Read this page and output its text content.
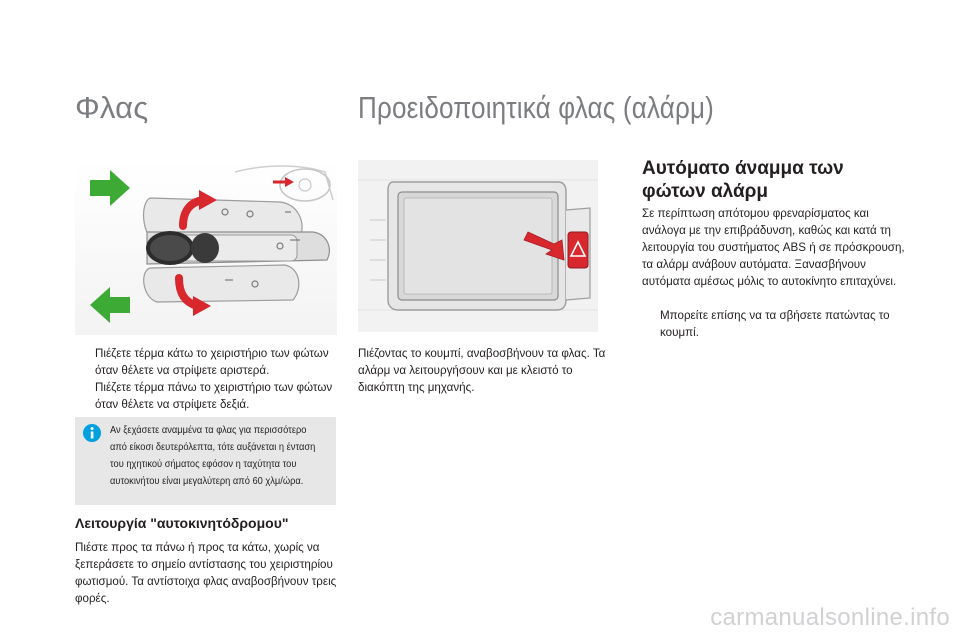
Φλας	Προειδοποιητικά φλας (αλάρμ)
Πιέζετε τέρμα κάτω το χειριστήριο των φώτων όταν θέλετε να στρίψετε αριστερά.
Πιέζετε τέρμα πάνω το χειριστήριο των φώτων όταν θέλετε να στρίψετε δεξιά.
Αν ξεχάσετε αναμμένα τα φλας για περισσότερο από είκοσι δευτερόλεπτα, τότε αυξάνεται η ένταση του ηχητικού σήματος εφόσον η ταχύτητα του αυτοκινήτου είναι μεγαλύτερη από 60 χλμ/ώρα.
Λειτουργία "αυτοκινητόδρομου"
Πιέστε προς τα πάνω ή προς τα κάτω, χωρίς να ξεπεράσετε το σημείο αντίστασης του χειριστηρίου φωτισμού. Τα αντίστοιχα φλας αναβοσβήνουν τρεις φορές.
Πιέζοντας το κουμπί, αναβοσβήνουν τα φλας. Τα αλάρμ να λειτουργήσουν και με κλειστό το διακόπτη της μηχανής.
Αυτόματο άναμμα των φώτων αλάρμ
Σε περίπτωση απότομου φρεναρίσματος και ανάλογα με την επιβράδυνση, καθώς και κατά τη λειτουργία του συστήματος ABS ή σε πρόσκρουση, τα αλάρμ ανάβουν αυτόματα. Ξανασβήνουν αυτόματα αμέσως μόλις το αυτοκίνητο επιταχύνει.
Μπορείτε επίσης να τα σβήσετε πατώντας το κουμπί.
carmanualsonline.info
